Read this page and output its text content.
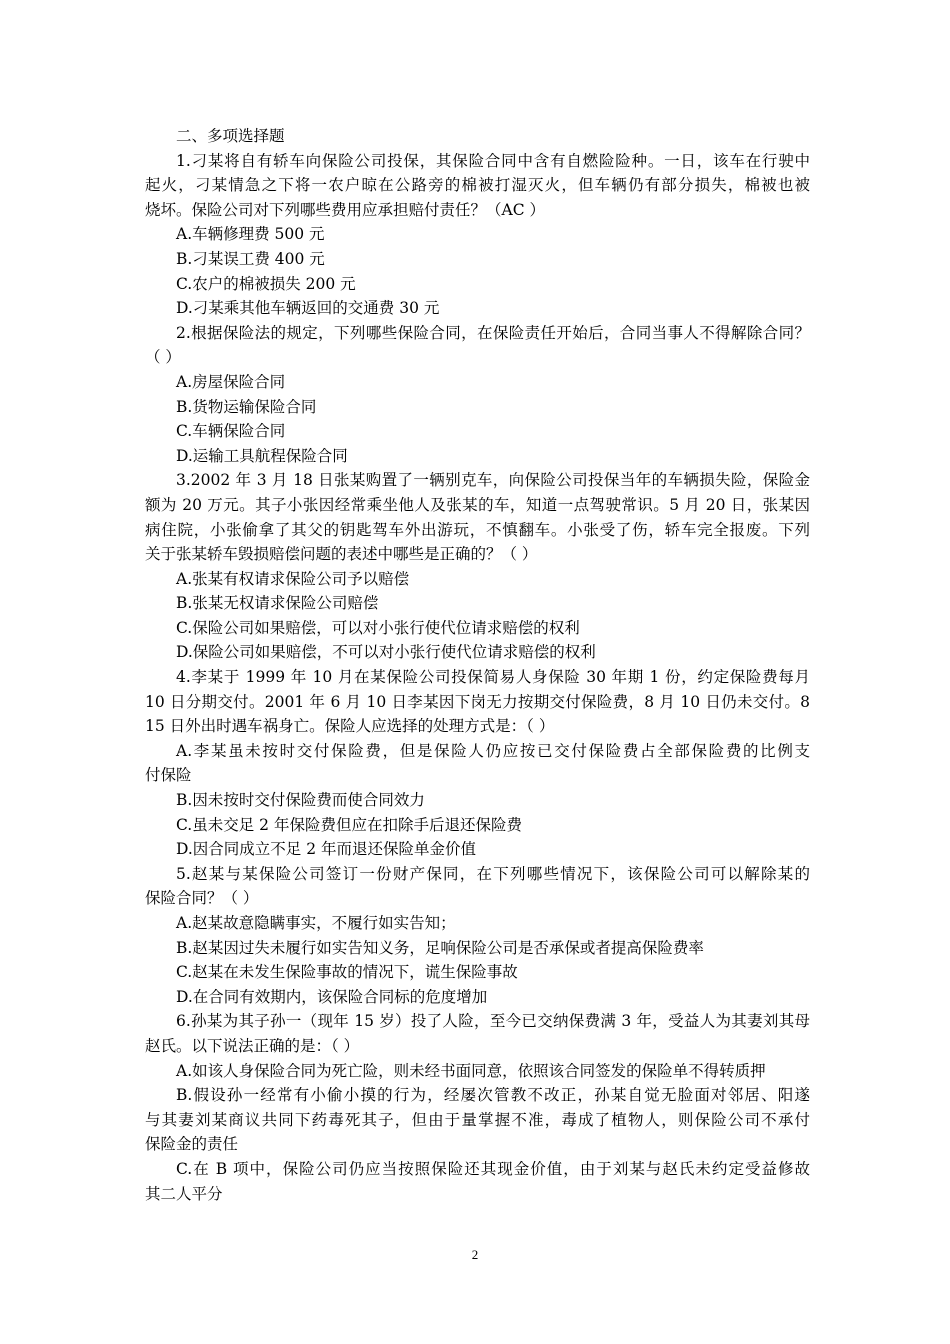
二、多项选择题
1.刁某将自有轿车向保险公司投保，其保险合同中含有自燃险险种。一日，该车在行驶中
起火，刁某情急之下将一农户晾在公路旁的棉被打湿灭火，但车辆仍有部分损失，棉被也被
烧坏。保险公司对下列哪些费用应承担赔付责任？（AC ）
A.车辆修理费 500 元
B.刁某误工费 400 元
C.农户的棉被损失 200 元
D.刁某乘其他车辆返回的交通费 30 元
2.根据保险法的规定，下列哪些保险合同，在保险责任开始后，合同当事人不得解除合同？
（ ）
A.房屋保险合同
B.货物运输保险合同
C.车辆保险合同
D.运输工具航程保险合同
3.2002 年 3 月 18 日张某购置了一辆别克车，向保险公司投保当年的车辆损失险，保险金
额为 20 万元。其子小张因经常乘坐他人及张某的车，知道一点驾驶常识。5 月 20 日，张某因
病住院，小张偷拿了其父的钥匙驾车外出游玩，不慎翻车。小张受了伤，轿车完全报废。下列
关于张某轿车毁损赔偿问题的表述中哪些是正确的？（ ）
A.张某有权请求保险公司予以赔偿
B.张某无权请求保险公司赔偿
C.保险公司如果赔偿，可以对小张行使代位请求赔偿的权利
D.保险公司如果赔偿，不可以对小张行使代位请求赔偿的权利
4.李某于 1999 年 10 月在某保险公司投保简易人身保险 30 年期 1 份，约定保险费每月
10 日分期交付。2001 年 6 月 10 日李某因下岗无力按期交付保险费，8 月 10 日仍未交付。8
15 日外出时遇车祸身亡。保险人应选择的处理方式是：（ ）
A.李某虽未按时交付保险费，但是保险人仍应按已交付保险费占全部保险费的比例支
付保险
B.因未按时交付保险费而使合同效力
C.虽未交足 2 年保险费但应在扣除手后退还保险费
D.因合同成立不足 2 年而退还保险单金价值
5.赵某与某保险公司签订一份财产保同，在下列哪些情况下，该保险公司可以解除某的
保险合同？（ ）
A.赵某故意隐瞒事实，不履行如实告知；
B.赵某因过失未履行如实告知义务，足响保险公司是否承保或者提高保险费率
C.赵某在未发生保险事故的情况下，谎生保险事故
D.在合同有效期内，该保险合同标的危度增加
6.孙某为其子孙一（现年 15 岁）投了人险，至今已交纳保费满 3 年，受益人为其妻刘其母
赵氏。以下说法正确的是：（ ）
A.如该人身保险合同为死亡险，则未经书面同意，依照该合同签发的保险单不得转质押
B.假设孙一经常有小偷小摸的行为，经屡次管教不改正，孙某自觉无脸面对邻居、阳遂
与其妻刘某商议共同下药毒死其子，但由于量掌握不准，毒成了植物人，则保险公司不承付
保险金的责任
C.在 B 项中，保险公司仍应当按照保险还其现金价值，由于刘某与赵氏未约定受益修故
其二人平分
2
